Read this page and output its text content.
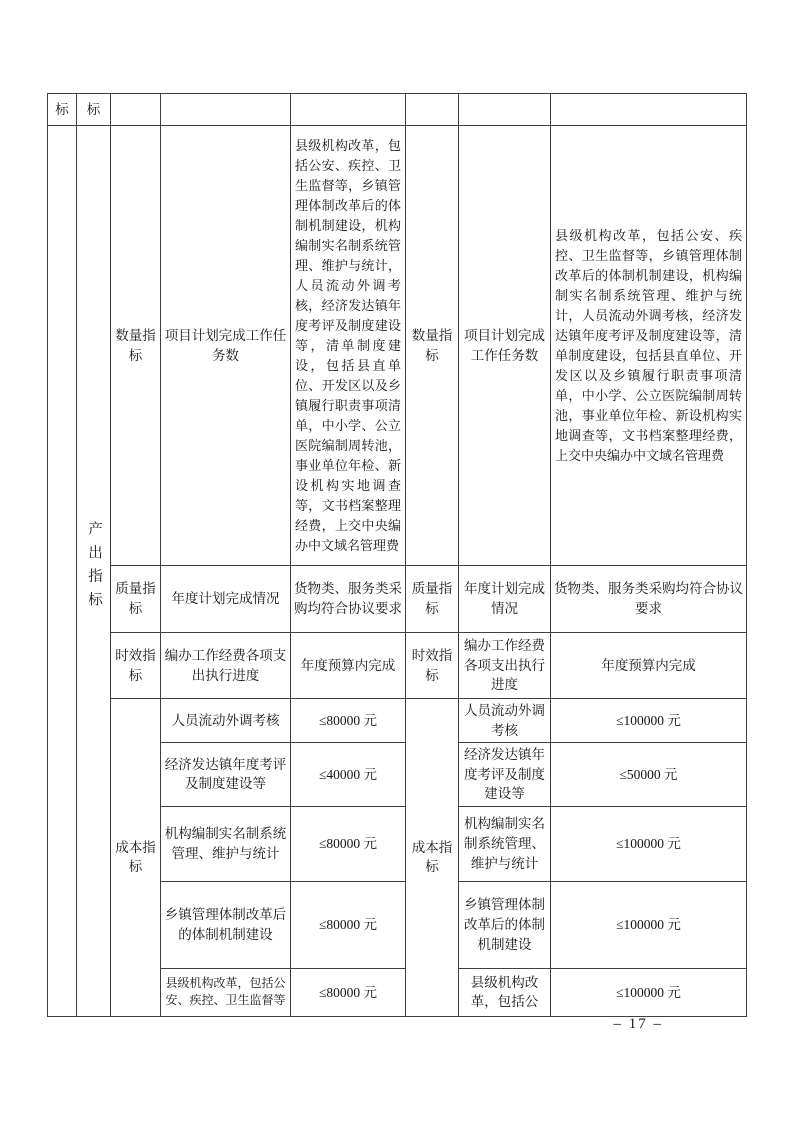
标	标						
	产出指标	数量指标	项目计划完成工作任务数	县级机构改革，包括公安、疾控、卫生监督等，乡镇管理体制改革后的体制机制建设，机构编制实名制系统管理、维护与统计，人员流动外调考核，经济发达镇年度考评及制度建设等，清单制度建设，包括县直单位、开发区以及乡镇履行职责事项清单，中小学、公立医院编制周转池，事业单位年检、新设机构实地调查等，文书档案整理经费，上交中央编办中文域名管理费	数量指标	项目计划完成工作任务数	县级机构改革，包括公安、疾控、卫生监督等，乡镇管理体制改革后的体制机制建设，机构编制实名制系统管理、维护与统计，人员流动外调考核，经济发达镇年度考评及制度建设等，清单制度建设，包括县直单位、开发区以及乡镇履行职责事项清单，中小学、公立医院编制周转池，事业单位年检、新设机构实地调查等，文书档案整理经费，上交中央编办中文域名管理费
		质量指标	年度计划完成情况	货物类、服务类采购均符合协议要求	质量指标	年度计划完成情况	货物类、服务类采购均符合协议要求
		时效指标	编办工作经费各项支出执行进度	年度预算内完成	时效指标	编办工作经费各项支出执行进度	年度预算内完成
		成本指标	人员流动外调考核	≤80000 元	成本指标	人员流动外调考核	≤100000 元
			经济发达镇年度考评及制度建设等	≤40000 元		经济发达镇年度考评及制度建设等	≤50000 元
			机构编制实名制系统管理、维护与统计	≤80000 元		机构编制实名制系统管理、维护与统计	≤100000 元
			乡镇管理体制改革后的体制机制建设	≤80000 元		乡镇管理体制改革后的体制机制建设	≤100000 元
			县级机构改革，包括公安、疾控、卫生监督等	≤80000 元		县级机构改革，包括公	≤100000 元
– 17 –
